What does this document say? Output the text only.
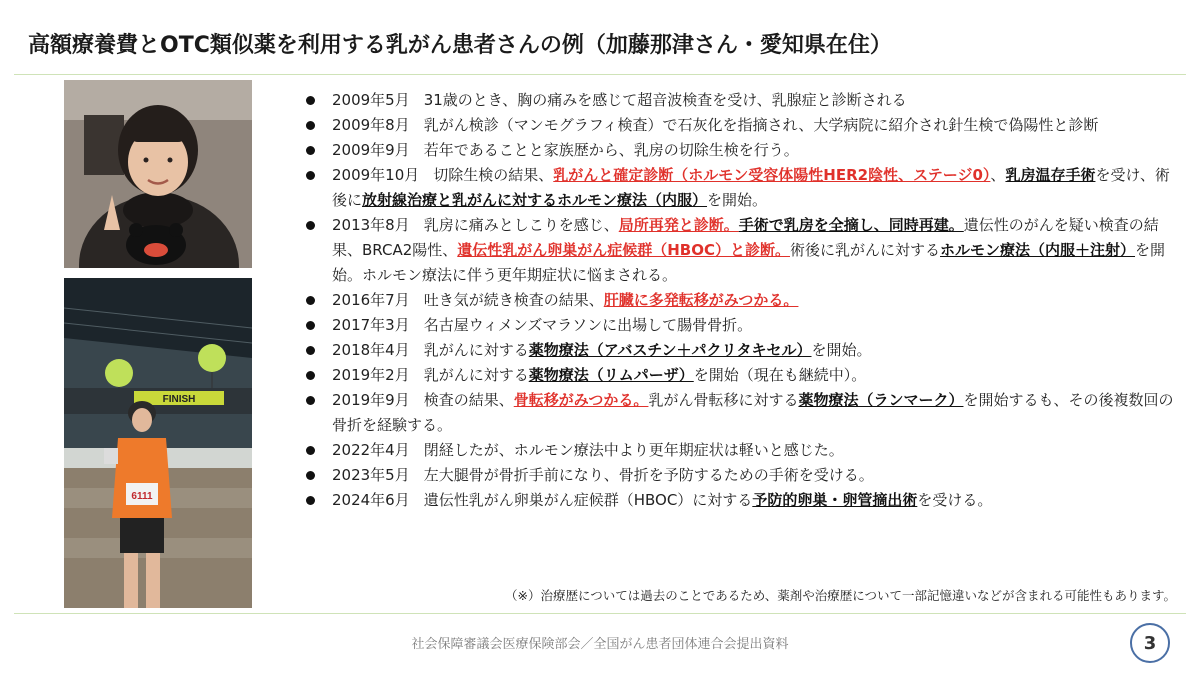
高額療養費とOTC類似薬を利用する乳がん患者さんの例（加藤那津さん・愛知県在住）
FINISH
6111
2009年5月 31歳のとき、胸の痛みを感じて超音波検査を受け、乳腺症と診断される
2009年8月 乳がん検診（マンモグラフィ検査）で石灰化を指摘され、大学病院に紹介され針生検で偽陽性と診断
2009年9月 若年であることと家族歴から、乳房の切除生検を行う。
2009年10月 切除生検の結果、乳がんと確定診断（ホルモン受容体陽性HER2陰性、ステージ0）、乳房温存手術を受け、術後に放射線治療と乳がんに対するホルモン療法（内服）を開始。
2013年8月 乳房に痛みとしこりを感じ、局所再発と診断。手術で乳房を全摘し、同時再建。遺伝性のがんを疑い検査の結果、BRCA2陽性、遺伝性乳がん卵巣がん症候群（HBOC）と診断。術後に乳がんに対するホルモン療法（内服＋注射）を開始。ホルモン療法に伴う更年期症状に悩まされる。
2016年7月 吐き気が続き検査の結果、肝臓に多発転移がみつかる。
2017年3月 名古屋ウィメンズマラソンに出場して腸骨骨折。
2018年4月 乳がんに対する薬物療法（アバスチン＋パクリタキセル）を開始。
2019年2月 乳がんに対する薬物療法（リムパーザ）を開始（現在も継続中）。
2019年9月 検査の結果、骨転移がみつかる。乳がん骨転移に対する薬物療法（ランマーク）を開始するも、その後複数回の骨折を経験する。
2022年4月 閉経したが、ホルモン療法中より更年期症状は軽いと感じた。
2023年5月 左大腿骨が骨折手前になり、骨折を予防するための手術を受ける。
2024年6月 遺伝性乳がん卵巣がん症候群（HBOC）に対する予防的卵巣・卵管摘出術を受ける。
（※）治療歴については過去のことであるため、薬剤や治療歴について一部記憶違いなどが含まれる可能性もあります。
社会保障審議会医療保険部会／全国がん患者団体連合会提出資料	3
